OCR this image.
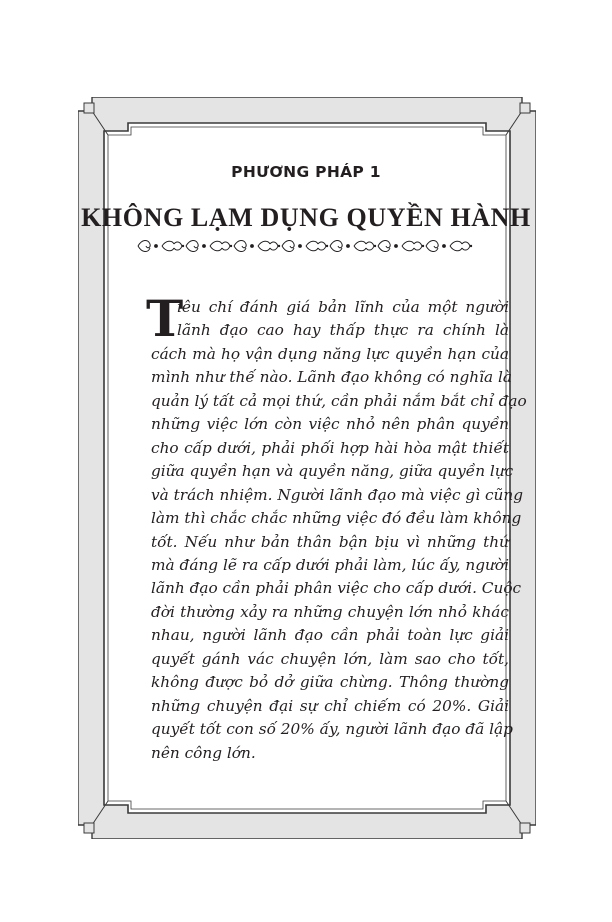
PHƯƠNG PHÁP 1
KHÔNG LẠM DỤNG QUYỀN HÀNH
T
iêu chí đánh giá bản lĩnh của một người
lãnh đạo cao hay thấp thực ra chính là
cách mà họ vận dụng năng lực quyền hạn của
mình như thế nào. Lãnh đạo không có nghĩa là
quản lý tất cả mọi thứ, cần phải nắm bắt chỉ đạo
những việc lớn còn việc nhỏ nên phân quyền
cho cấp dưới, phải phối hợp hài hòa mật thiết
giữa quyền hạn và quyền năng, giữa quyền lực
và trách nhiệm. Người lãnh đạo mà việc gì cũng
làm thì chắc chắc những việc đó đều làm không
tốt. Nếu như bản thân bận bịu vì những thứ
mà đáng lẽ ra cấp dưới phải làm, lúc ấy, người
lãnh đạo cần phải phân việc cho cấp dưới. Cuộc
đời thường xảy ra những chuyện lớn nhỏ khác
nhau, người lãnh đạo cần phải toàn lực giải
quyết gánh vác chuyện lớn, làm sao cho tốt,
không được bỏ dở giữa chừng. Thông thường
những chuyện đại sự chỉ chiếm có 20%. Giải
quyết tốt con số 20% ấy, người lãnh đạo đã lập
nên công lớn.
